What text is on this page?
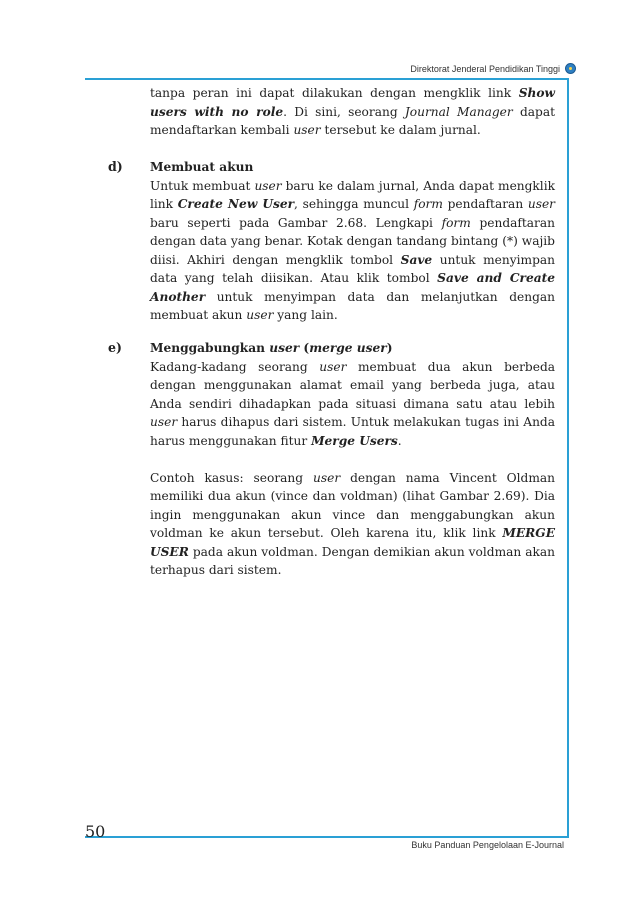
Direktorat Jenderal Pendidikan Tinggi

tanpa peran ini dapat dilakukan dengan mengklik link Show users with no role. Di sini, seorang Journal Manager dapat mendaftarkan kembali user tersebut ke dalam jurnal.

d) Membuat akun

Untuk membuat user baru ke dalam jurnal, Anda dapat mengklik link Create New User, sehingga muncul form pendaftaran user baru seperti pada Gambar 2.68. Lengkapi form pendaftaran dengan data yang benar. Kotak dengan tandang bintang (*) wajib diisi. Akhiri dengan mengklik tombol Save untuk menyimpan data yang telah diisikan. Atau klik tombol Save and Create Another untuk menyimpan data dan melanjutkan dengan membuat akun user yang lain.

e) Menggabungkan user (merge user)

Kadang-kadang seorang user membuat dua akun berbeda dengan menggunakan alamat email yang berbeda juga, atau Anda sendiri dihadapkan pada situasi dimana satu atau lebih user harus dihapus dari sistem. Untuk melakukan tugas ini Anda harus menggunakan fitur Merge Users.

Contoh kasus: seorang user dengan nama Vincent Oldman memiliki dua akun (vince dan voldman) (lihat Gambar 2.69). Dia ingin menggunakan akun vince dan menggabungkan akun voldman ke akun tersebut. Oleh karena itu, klik link MERGE USER pada akun voldman. Dengan demikian akun voldman akan terhapus dari sistem.

50
Buku Panduan Pengelolaan E-Journal
